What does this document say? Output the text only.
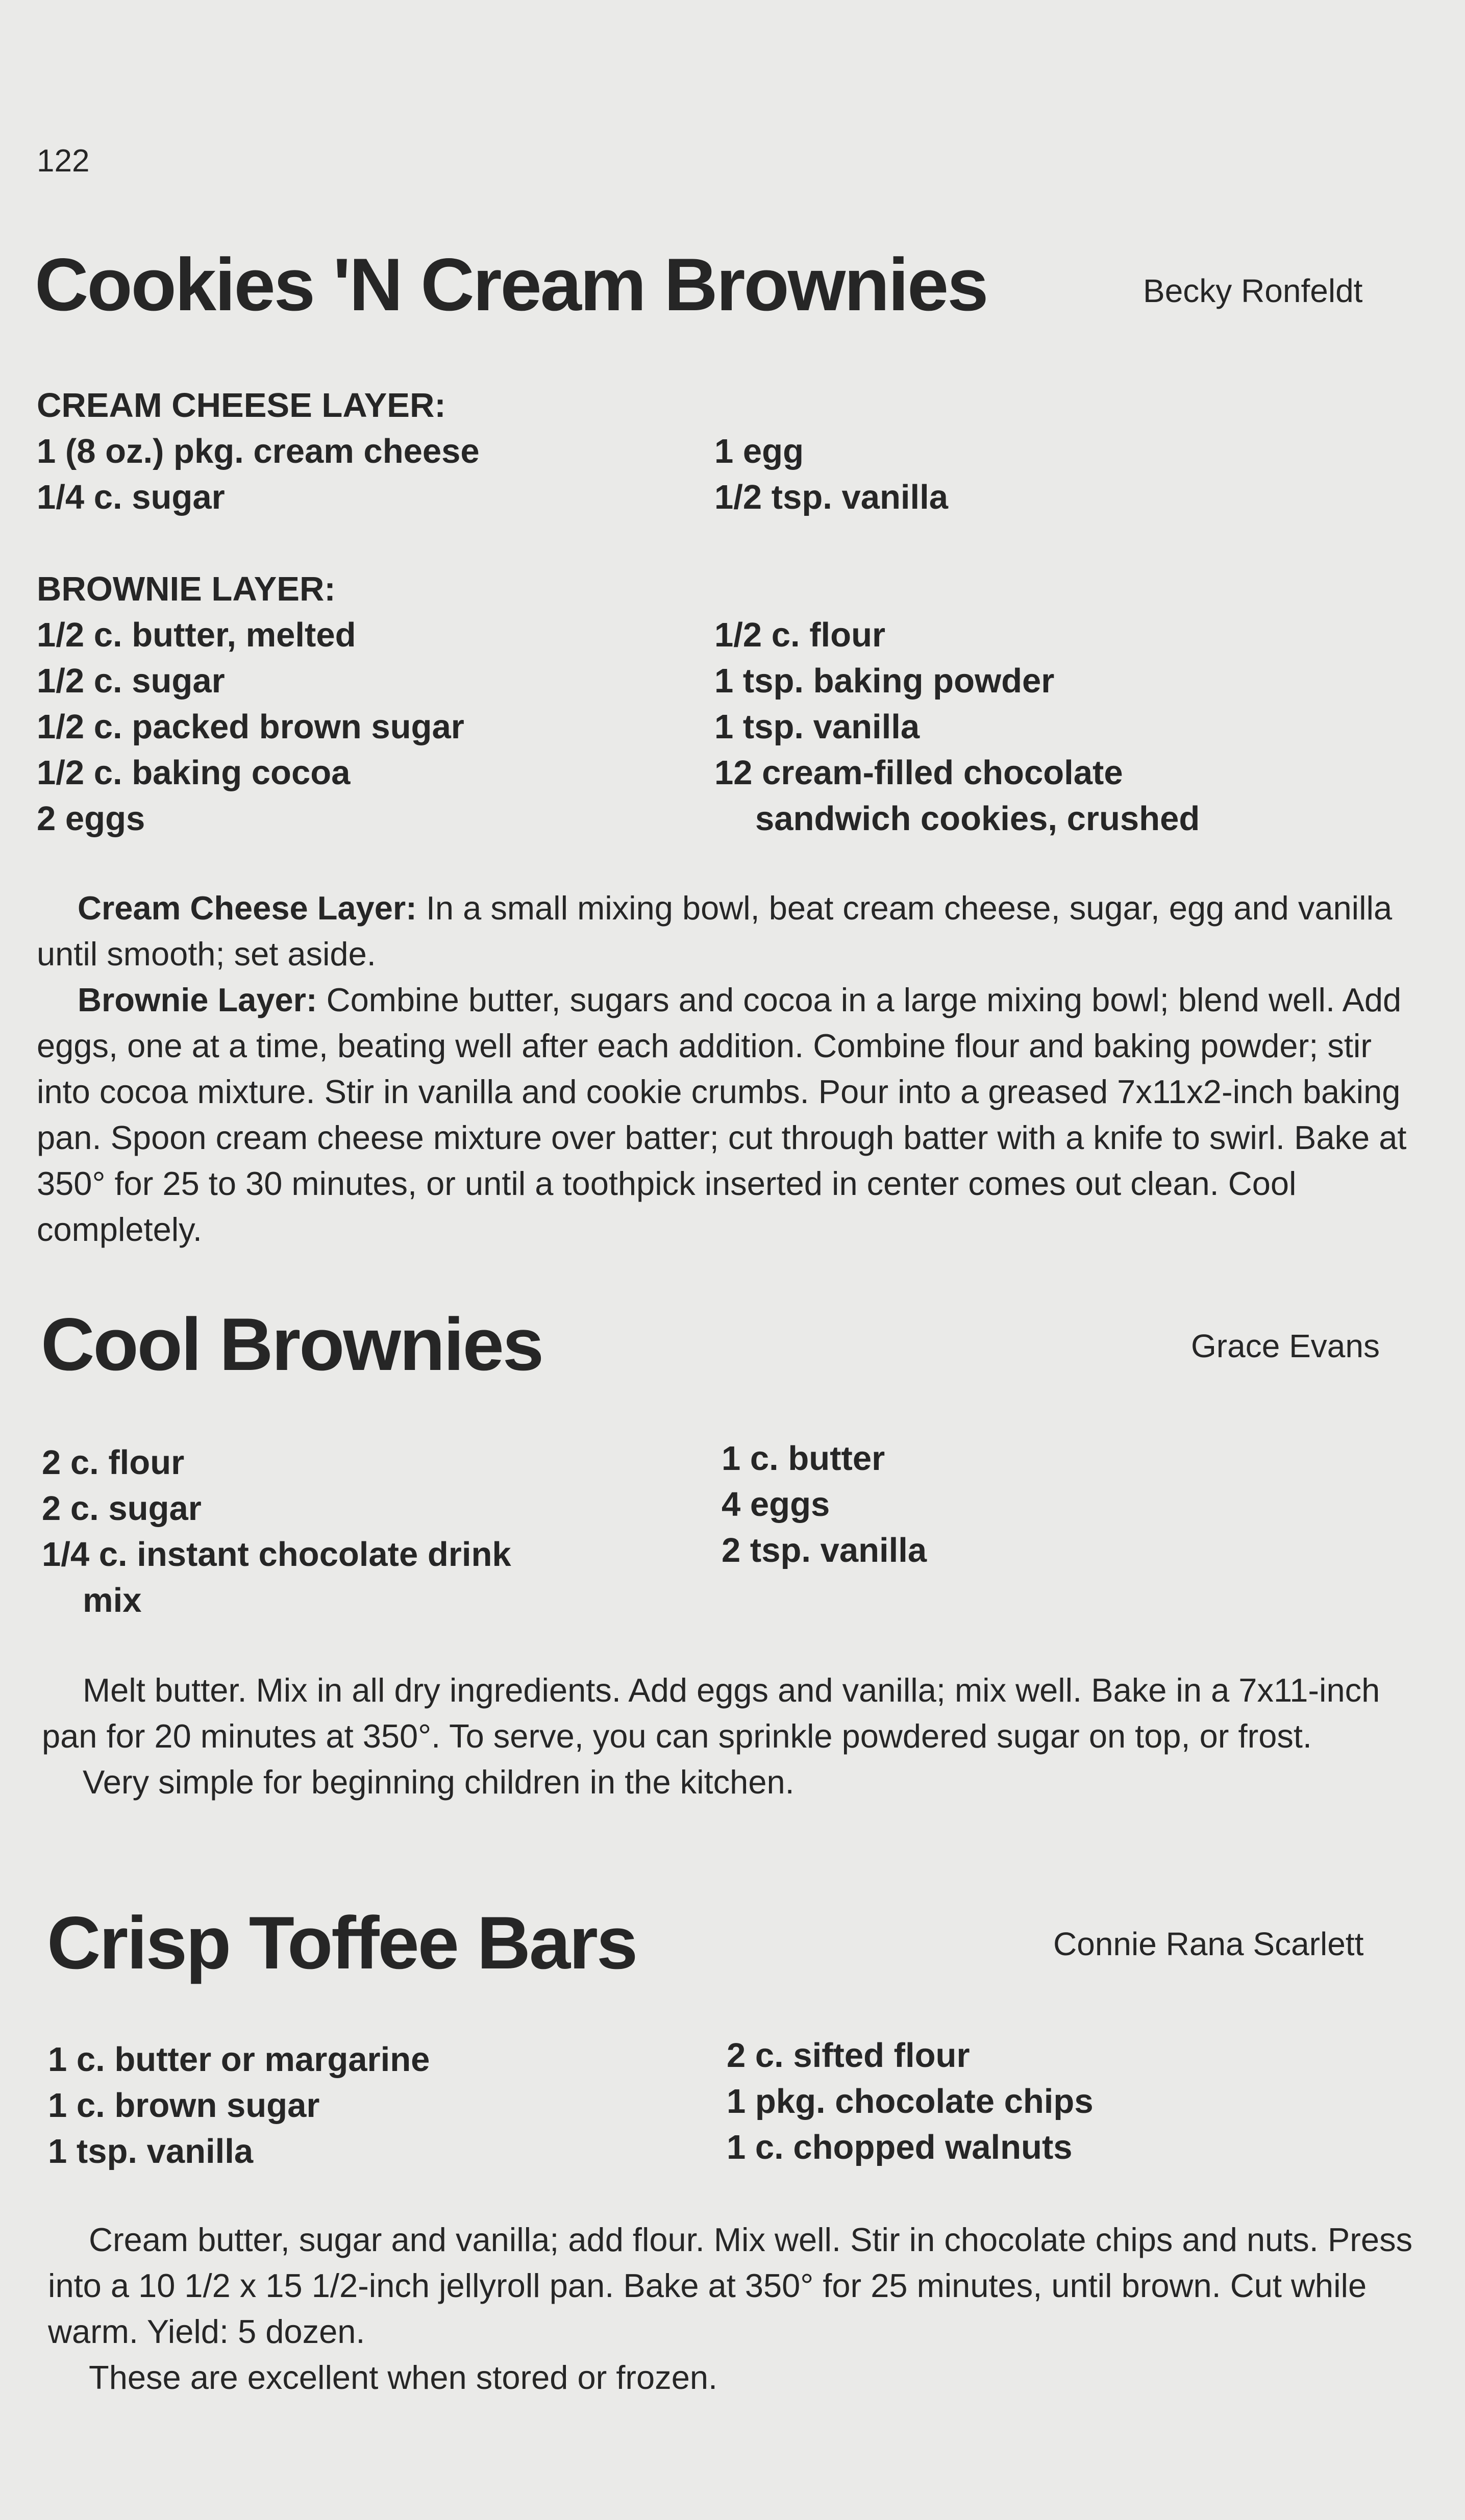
122
Cookies 'N Cream Brownies	Becky Ronfeldt
CREAM CHEESE LAYER:
1 (8 oz.) pkg. cream cheese
1/4 c. sugar
BROWNIE LAYER:
1/2 c. butter, melted
1/2 c. sugar
1/2 c. packed brown sugar
1/2 c. baking cocoa
2 eggs
1 egg
1/2 tsp. vanilla
1/2 c. flour
1 tsp. baking powder
1 tsp. vanilla
12 cream-filled chocolate
sandwich cookies, crushed

Cream Cheese Layer: In a small mixing bowl, beat cream cheese, sugar, egg and vanilla until smooth; set aside.

Brownie Layer: Combine butter, sugars and cocoa in a large mixing bowl; blend well. Add eggs, one at a time, beating well after each addition. Combine flour and baking powder; stir into cocoa mixture. Stir in vanilla and cookie crumbs. Pour into a greased 7x11x2-inch baking pan. Spoon cream cheese mixture over batter; cut through batter with a knife to swirl. Bake at 350° for 25 to 30 minutes, or until a toothpick inserted in center comes out clean. Cool completely.

Cool Brownies	Grace Evans
2 c. flour
2 c. sugar
1/4 c. instant chocolate drink
mix
1 c. butter
4 eggs
2 tsp. vanilla

Melt butter. Mix in all dry ingredients. Add eggs and vanilla; mix well. Bake in a 7x11-inch pan for 20 minutes at 350°. To serve, you can sprinkle powdered sugar on top, or frost.

Very simple for beginning children in the kitchen.

Crisp Toffee Bars	Connie Rana Scarlett
1 c. butter or margarine
1 c. brown sugar
1 tsp. vanilla
2 c. sifted flour
1 pkg. chocolate chips
1 c. chopped walnuts

Cream butter, sugar and vanilla; add flour. Mix well. Stir in chocolate chips and nuts. Press into a 10 1/2 x 15 1/2-inch jellyroll pan. Bake at 350° for 25 minutes, until brown. Cut while warm. Yield: 5 dozen.

These are excellent when stored or frozen.
